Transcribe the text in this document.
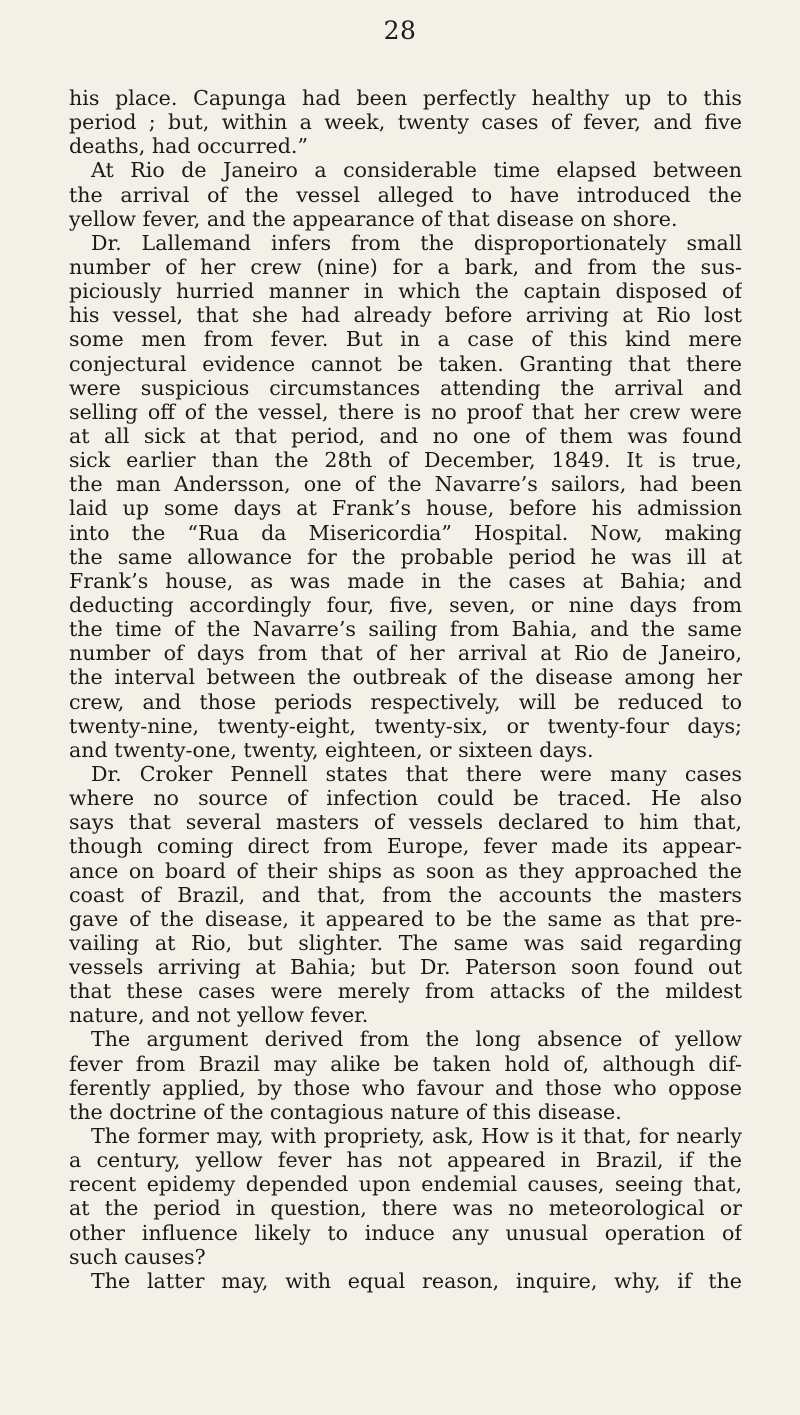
28
his place. Capunga had been perfectly healthy up to this
period ; but, within a week, twenty cases of fever, and five
deaths, had occurred.”
At Rio de Janeiro a considerable time elapsed between
the arrival of the vessel alleged to have introduced the
yellow fever, and the appearance of that disease on shore.
Dr. Lallemand infers from the disproportionately small
number of her crew (nine) for a bark, and from the sus-
piciously hurried manner in which the captain disposed of
his vessel, that she had already before arriving at Rio lost
some men from fever. But in a case of this kind mere
conjectural evidence cannot be taken. Granting that there
were suspicious circumstances attending the arrival and
selling off of the vessel, there is no proof that her crew were
at all sick at that period, and no one of them was found
sick earlier than the 28th of December, 1849. It is true,
the man Andersson, one of the Navarre’s sailors, had been
laid up some days at Frank’s house, before his admission
into the “Rua da Misericordia” Hospital. Now, making
the same allowance for the probable period he was ill at
Frank’s house, as was made in the cases at Bahia; and
deducting accordingly four, five, seven, or nine days from
the time of the Navarre’s sailing from Bahia, and the same
number of days from that of her arrival at Rio de Janeiro,
the interval between the outbreak of the disease among her
crew, and those periods respectively, will be reduced to
twenty-nine, twenty-eight, twenty-six, or twenty-four days;
and twenty-one, twenty, eighteen, or sixteen days.
Dr. Croker Pennell states that there were many cases
where no source of infection could be traced. He also
says that several masters of vessels declared to him that,
though coming direct from Europe, fever made its appear-
ance on board of their ships as soon as they approached the
coast of Brazil, and that, from the accounts the masters
gave of the disease, it appeared to be the same as that pre-
vailing at Rio, but slighter. The same was said regarding
vessels arriving at Bahia; but Dr. Paterson soon found out
that these cases were merely from attacks of the mildest
nature, and not yellow fever.
The argument derived from the long absence of yellow
fever from Brazil may alike be taken hold of, although dif-
ferently applied, by those who favour and those who oppose
the doctrine of the contagious nature of this disease.
The former may, with propriety, ask, How is it that, for nearly
a century, yellow fever has not appeared in Brazil, if the
recent epidemy depended upon endemial causes, seeing that,
at the period in question, there was no meteorological or
other influence likely to induce any unusual operation of
such causes?
The latter may, with equal reason, inquire, why, if the
